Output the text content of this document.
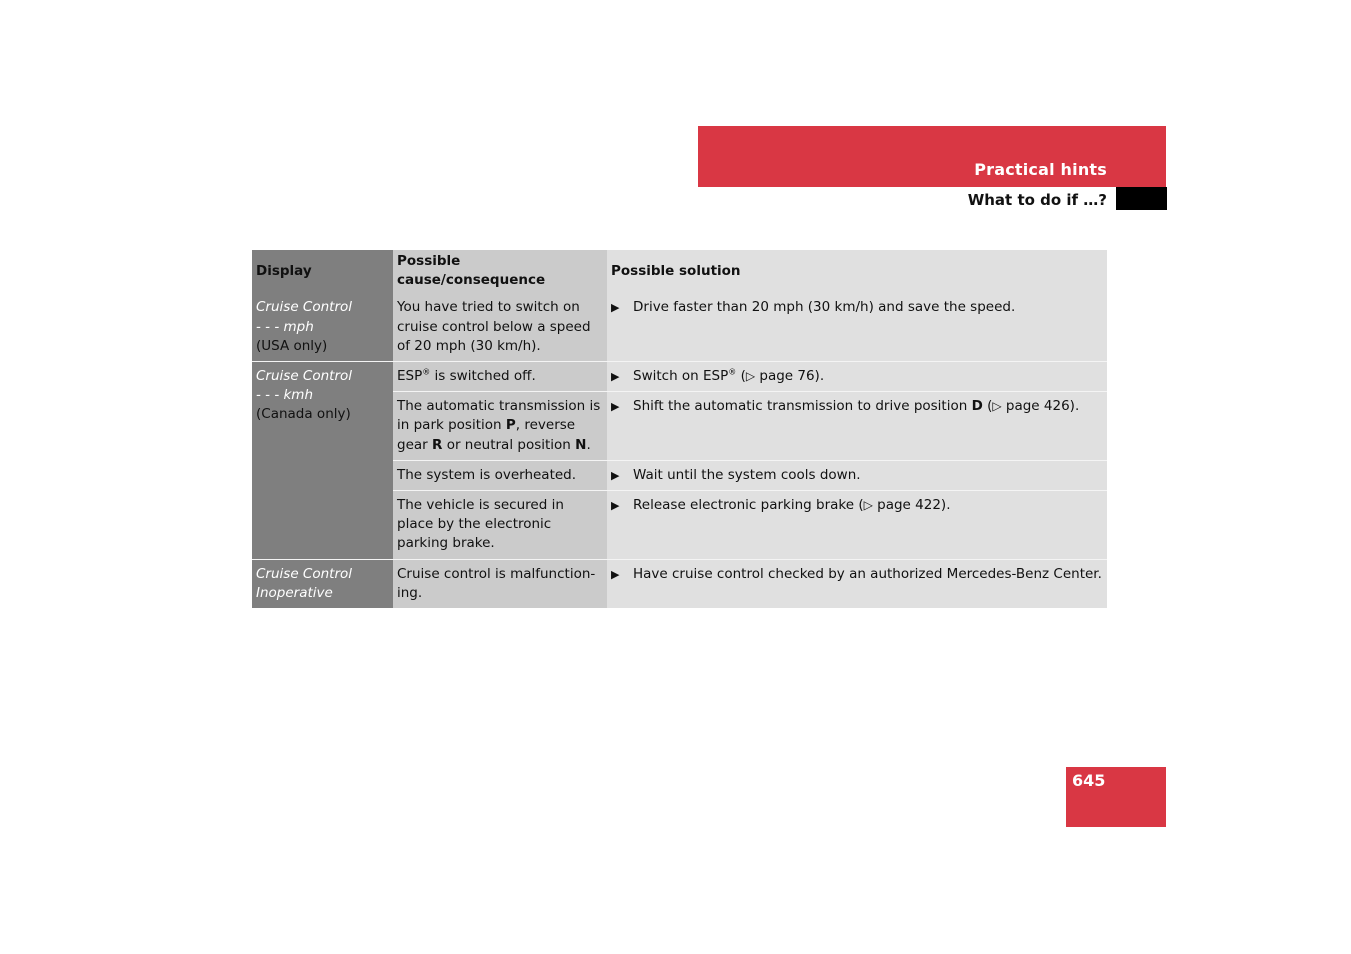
Practical hints
What to do if …?
Display	Possible cause/consequence	Possible solution

Cruise Control
- - - mph
(USA only)	You have tried to switch on cruise control below a speed of 20 mph (30 km/h).	▶ Drive faster than 20 mph (30 km/h) and save the speed.

Cruise Control
- - - kmh
(Canada only)	ESP® is switched off.	▶ Switch on ESP® (▷ page 76).

	The automatic transmission is in park position P, reverse gear R or neutral position N.	▶ Shift the automatic transmission to drive position D (▷ page 426).

	The system is overheated.	▶ Wait until the system cools down.

	The vehicle is secured in place by the electronic parking brake.	▶ Release electronic parking brake (▷ page 422).

Cruise Control
Inoperative	Cruise control is malfunction-ing.	▶ Have cruise control checked by an authorized Mercedes-Benz Center.
645
